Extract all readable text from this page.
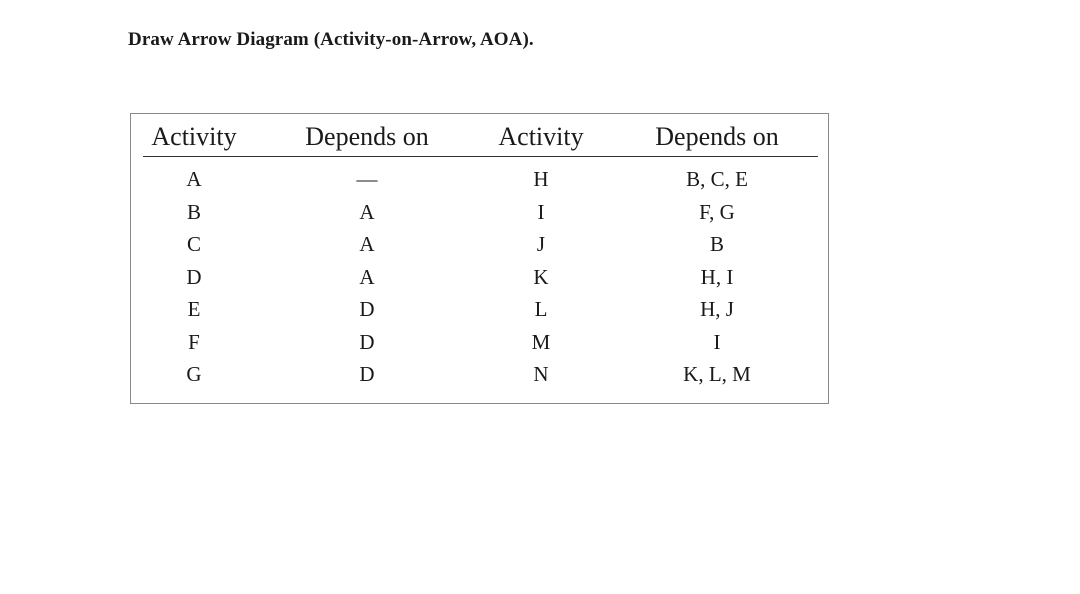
Draw Arrow Diagram (Activity-on-Arrow, AOA).
Activity	Depends on	Activity	Depends on
A	—	H	B, C, E
B	A	I	F, G
C	A	J	B
D	A	K	H, I
E	D	L	H, J
F	D	M	I
G	D	N	K, L, M
